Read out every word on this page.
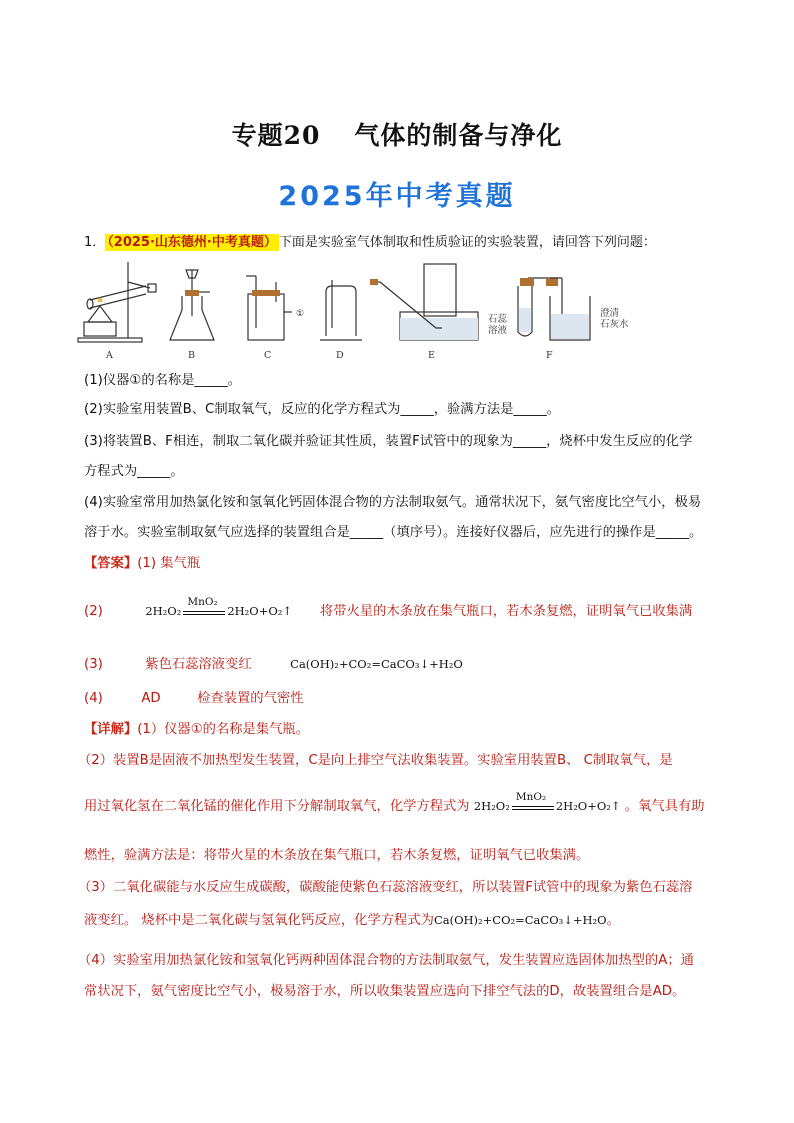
专题20 气体的制备与净化
2025年中考真题
1． （2025·山东德州·中考真题） 下面是实验室气体制取和性质验证的实验装置，请回答下列问题：
①	石蕊
溶液
澄清
石灰水
A	B	C	D	E	F
(1)仪器①的名称是_____。
(2)实验室用装置B、C制取氧气，反应的化学方程式为_____，验满方法是_____。
(3)将装置B、F相连，制取二氧化碳并验证其性质，装置F试管中的现象为_____，烧杯中发生反应的化学
方程式为_____。
(4)实验室常用加热氯化铵和氢氧化钙固体混合物的方法制取氨气。通常状况下，氨气密度比空气小，极易
溶于水。实验室制取氨气应选择的装置组合是_____（填序号）。连接好仪器后，应先进行的操作是_____。
【答案】(1) 集气瓶
(2)	2H₂O₂
MnO₂
2H₂O+O₂↑ 将带火星的木条放在集气瓶口，若木条复燃，证明氧气已收集满
(3)	紫色石蕊溶液变红	Ca(OH)₂+CO₂=CaCO₃↓+H₂O
(4)	AD	检查装置的气密性
【详解】(1）仪器①的名称是集气瓶。
（2）装置B是固液不加热型发生装置，C是向上排空气法收集装置。实验室用装置B、 C制取氧气，是
用过氧化氢在二氧化锰的催化作用下分解制取氧气，化学方程式为 2H₂O₂
MnO₂
2H₂O+O₂↑ 。氧气具有助
燃性，验满方法是：将带火星的木条放在集气瓶口，若木条复燃，证明氧气已收集满。
（3）二氧化碳能与水反应生成碳酸，碳酸能使紫色石蕊溶液变红，所以装置F试管中的现象为紫色石蕊溶
液变红。 烧杯中是二氧化碳与氢氧化钙反应，化学方程式为Ca(OH)₂+CO₂=CaCO₃↓+H₂O。
（4）实验室用加热氯化铵和氢氧化钙两种固体混合物的方法制取氨气，发生装置应选固体加热型的A；通
常状况下，氨气密度比空气小，极易溶于水，所以收集装置应选向下排空气法的D，故装置组合是AD。
